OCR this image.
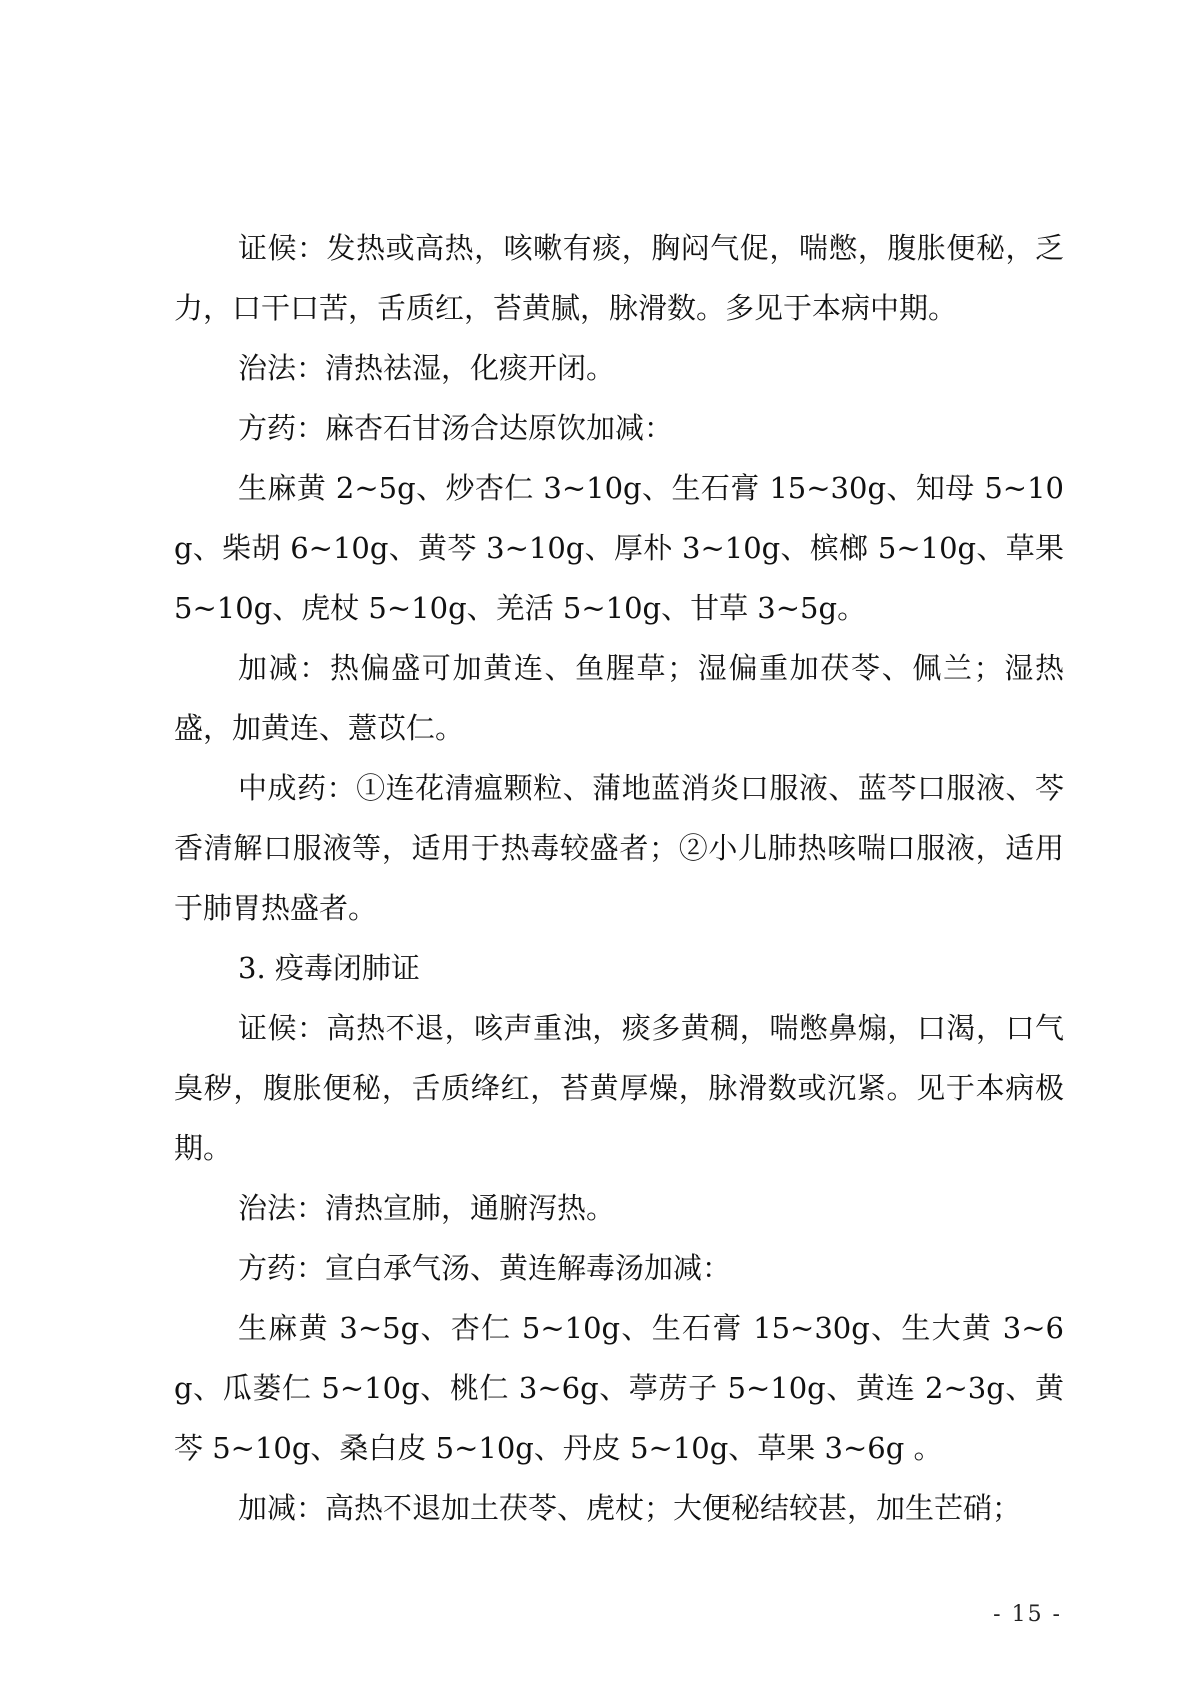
证候：发热或高热，咳嗽有痰，胸闷气促，喘憋，腹胀便秘，乏力，口干口苦，舌质红，苔黄腻，脉滑数。多见于本病中期。

治法：清热祛湿，化痰开闭。

方药：麻杏石甘汤合达原饮加减：

生麻黄 2~5g、炒杏仁 3~10g、生石膏 15~30g、知母 5~10g、柴胡 6~10g、黄芩 3~10g、厚朴 3~10g、槟榔 5~10g、草果 5~10g、虎杖 5~10g、羌活 5~10g、甘草 3~5g。

加减：热偏盛可加黄连、鱼腥草；湿偏重加茯苓、佩兰；湿热 盛，加黄连、薏苡仁。

中成药：①连花清瘟颗粒、蒲地蓝消炎口服液、蓝芩口服液、芩香清解口服液等，适用于热毒较盛者；②小儿肺热咳喘口服液，适用于肺胃热盛者。

3. 疫毒闭肺证

证候：高热不退，咳声重浊，痰多黄稠，喘憋鼻煽，口渴，口气臭秽，腹胀便秘，舌质绛红，苔黄厚燥，脉滑数或沉紧。见于本病极期。

治法：清热宣肺，通腑泻热。

方药：宣白承气汤、黄连解毒汤加减：

生麻黄 3~5g、杏仁 5~10g、生石膏 15~30g、生大黄 3~6g、瓜蒌仁 5~10g、桃仁 3~6g、葶苈子 5~10g、黄连 2~3g、黄芩 5~10g、桑白皮 5~10g、丹皮 5~10g、草果 3~6g 。

加减：高热不退加土茯苓、虎杖；大便秘结较甚，加生芒硝；

- 15 -
